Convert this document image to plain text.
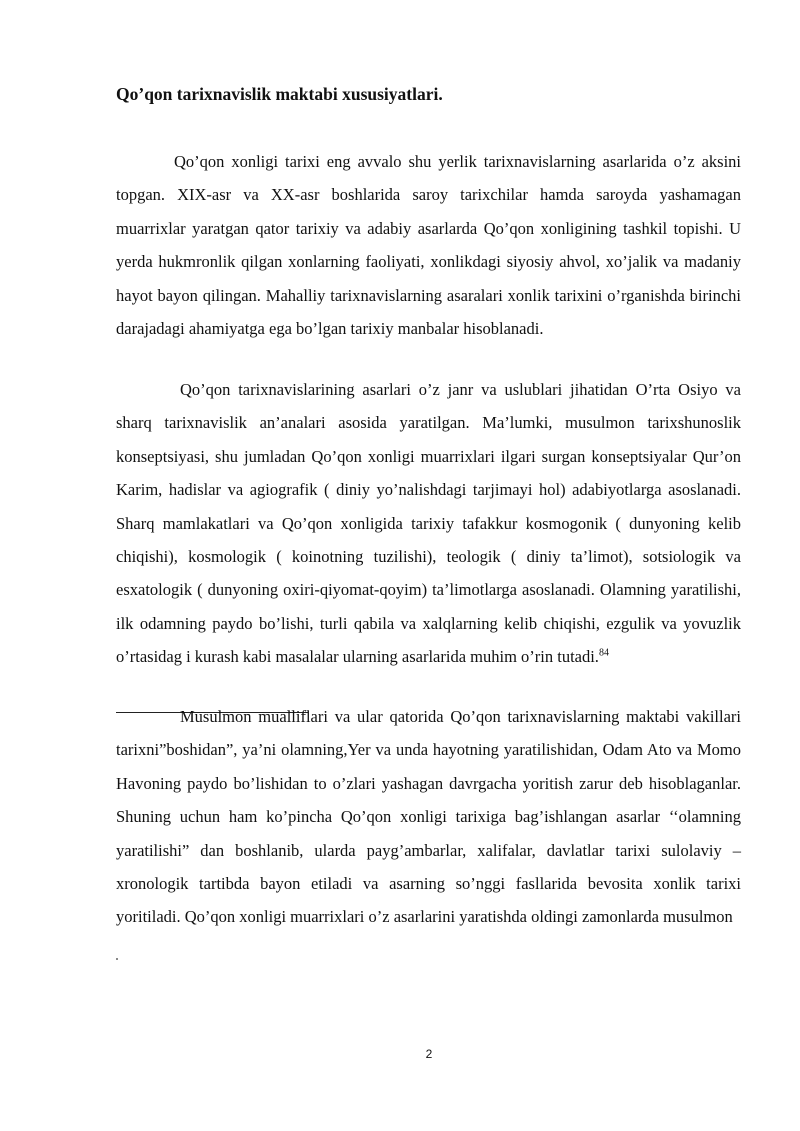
Qo’qon tarixnavislik maktabi xususiyatlari.

Qo’qon xonligi tarixi eng avvalo shu yerlik tarixnavislarning asarlarida o’z aksini topgan. XIX-asr va XX-asr boshlarida saroy tarixchilar hamda saroyda yashamagan muarrixlar yaratgan qator tarixiy va adabiy asarlarda Qo’qon xonligining tashkil topishi. U yerda hukmronlik qilgan xonlarning faoliyati, xonlikdagi siyosiy ahvol, xo’jalik va madaniy hayot bayon qilingan. Mahalliy tarixnavislarning asaralari xonlik tarixini o’rganishda birinchi darajadagi ahamiyatga ega bo’lgan tarixiy manbalar hisoblanadi.

Qo’qon tarixnavislarining asarlari o’z janr va uslublari jihatidan O’rta Osiyo va sharq tarixnavislik an’analari asosida yaratilgan. Ma’lumki, musulmon tarixshunoslik konseptsiyasi, shu jumladan Qo’qon xonligi muarrixlari ilgari surgan konseptsiyalar Qur’on Karim, hadislar va agiografik ( diniy yo’nalishdagi tarjimayi hol) adabiyotlarga asoslanadi. Sharq mamlakatlari va Qo’qon xonligida tarixiy tafakkur kosmogonik ( dunyoning kelib chiqishi), kosmologik ( koinotning tuzilishi), teologik ( diniy ta’limot), sotsiologik va esxatologik ( dunyoning oxiri-qiyomat-qoyim) ta’limotlarga asoslanadi. Olamning yaratilishi, ilk odamning paydo bo’lishi, turli qabila va xalqlarning kelib chiqishi, ezgulik va yovuzlik o’rtasidag i kurash kabi masalalar ularning asarlarida muhim o’rin tutadi.$^{84}$

Musulmon mualliflari va ular qatorida Qo’qon tarixnavislarning maktabi vakillari tarixni”boshidan”, ya’ni olamning,Yer va unda hayotning yaratilishidan, Odam Ato va Momo Havoning paydo bo’lishidan to o’zlari yashagan davrgacha yoritish zarur deb hisoblaganlar. Shuning uchun ham ko’pincha Qo’qon xonligi tarixiga bag’ishlangan asarlar ‘‘olamning yaratilishi” dan boshlanib, ularda payg’ambarlar, xalifalar, davlatlar tarixi sulolaviy – xronologik tartibda bayon etiladi va asarning so’nggi fasllarida bevosita xonlik tarixi yoritiladi. Qo’qon xonligi muarrixlari o’z asarlarini yaratishda oldingi zamonlarda musulmon

2
